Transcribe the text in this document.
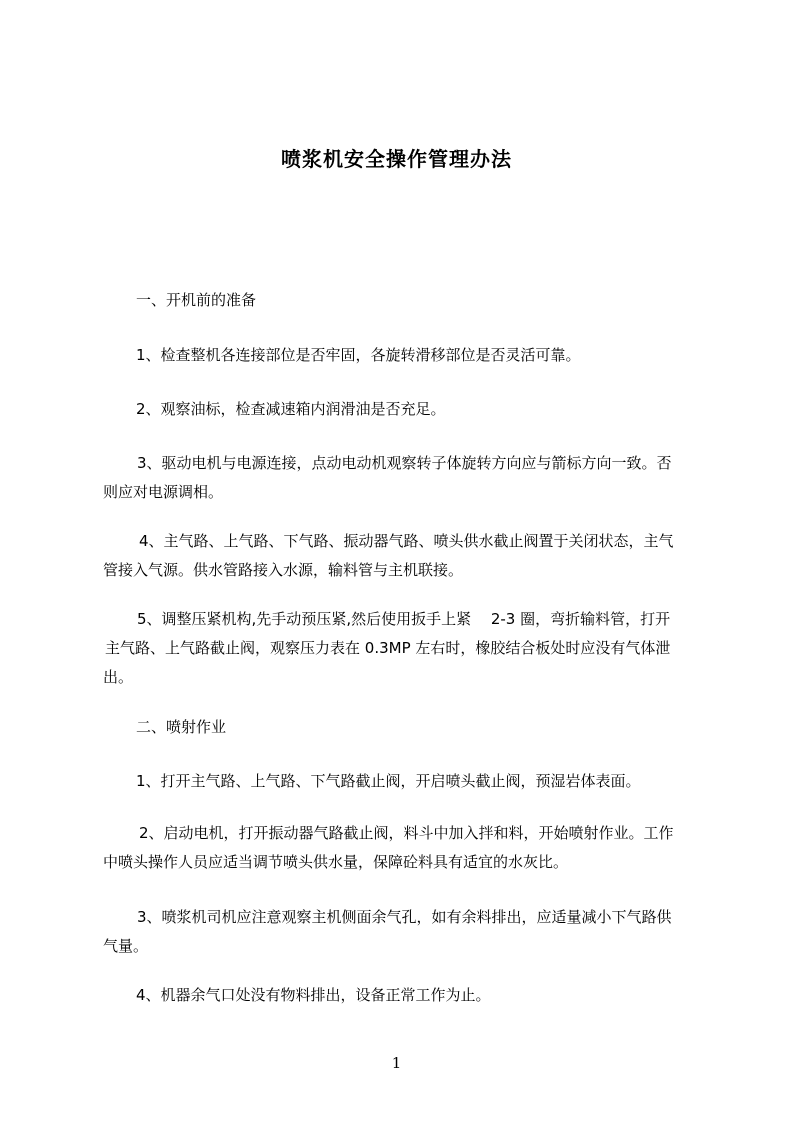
喷浆机安全操作管理办法
一、开机前的准备
1、检查整机各连接部位是否牢固，各旋转滑移部位是否灵活可靠。
2、观察油标，检查减速箱内润滑油是否充足。
3、驱动电机与电源连接，点动电动机观察转子体旋转方向应与箭标方向一致。否
则应对电源调相。
4、主气路、上气路、下气路、振动器气路、喷头供水截止阀置于关闭状态，主气
管接入气源。供水管路接入水源，输料管与主机联接。
5、调整压紧机构,先手动预压紧,然后使用扳手上紧　 2-3 圈，弯折输料管，打开
主气路、上气路截止阀，观察压力表在 0.3MP 左右时，橡胶结合板处时应没有气体泄
出。
二、喷射作业
1、打开主气路、上气路、下气路截止阀，开启喷头截止阀，预湿岩体表面。
2、启动电机，打开振动器气路截止阀，料斗中加入拌和料，开始喷射作业。工作
中喷头操作人员应适当调节喷头供水量，保障砼料具有适宜的水灰比。
3、喷浆机司机应注意观察主机侧面余气孔，如有余料排出，应适量减小下气路供
气量。
4、机器余气口处没有物料排出，设备正常工作为止。
1
